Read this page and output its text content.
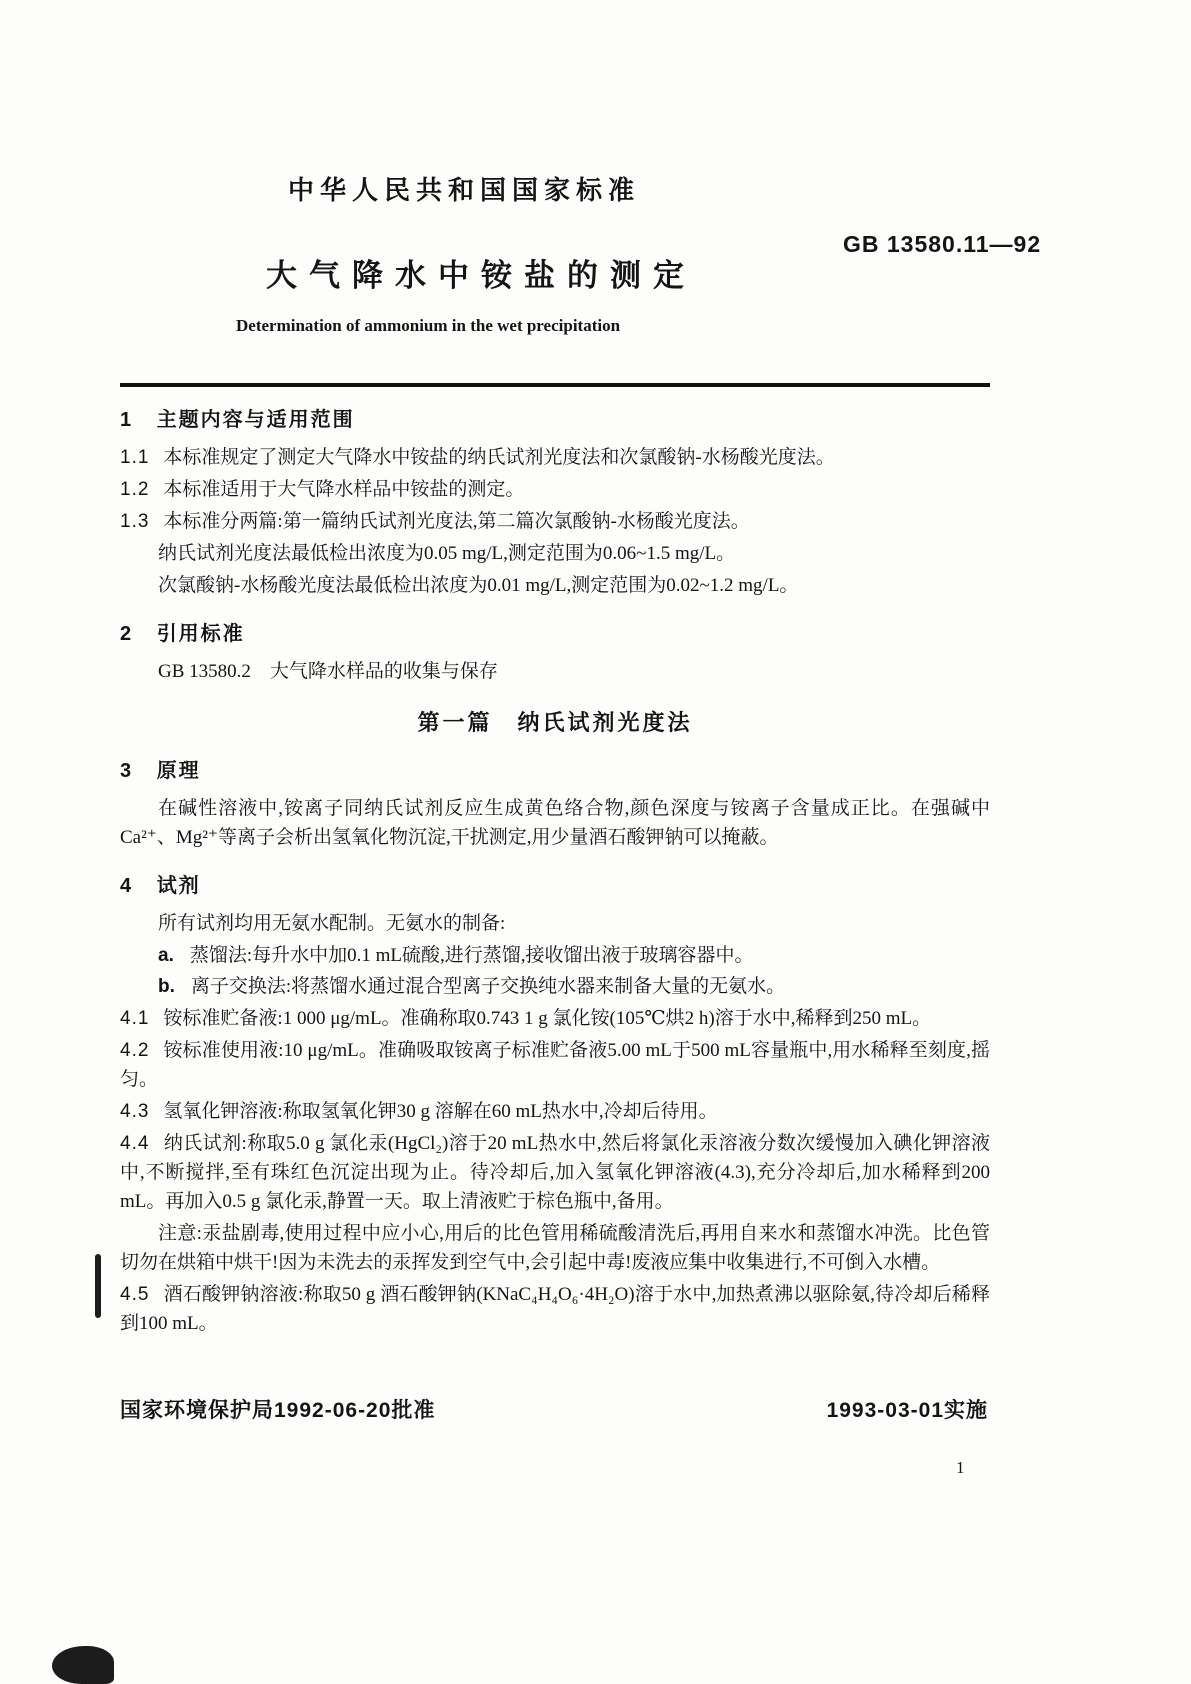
中华人民共和国国家标准
GB 13580.11—92
大气降水中铵盐的测定
Determination of ammonium in the wet precipitation
1 主题内容与适用范围

1.1 本标准规定了测定大气降水中铵盐的纳氏试剂光度法和次氯酸钠-水杨酸光度法。

1.2 本标准适用于大气降水样品中铵盐的测定。

1.3 本标准分两篇:第一篇纳氏试剂光度法,第二篇次氯酸钠-水杨酸光度法。

纳氏试剂光度法最低检出浓度为0.05 mg/L,测定范围为0.06~1.5 mg/L。

次氯酸钠-水杨酸光度法最低检出浓度为0.01 mg/L,测定范围为0.02~1.2 mg/L。

2 引用标准

GB 13580.2　大气降水样品的收集与保存

第一篇　纳氏试剂光度法
3 原理

在碱性溶液中,铵离子同纳氏试剂反应生成黄色络合物,颜色深度与铵离子含量成正比。在强碱中Ca²⁺、Mg²⁺等离子会析出氢氧化物沉淀,干扰测定,用少量酒石酸钾钠可以掩蔽。

4 试剂

所有试剂均用无氨水配制。无氨水的制备:

a. 蒸馏法:每升水中加0.1 mL硫酸,进行蒸馏,接收馏出液于玻璃容器中。

b. 离子交换法:将蒸馏水通过混合型离子交换纯水器来制备大量的无氨水。

4.1 铵标准贮备液:1 000 μg/mL。准确称取0.743 1 g 氯化铵(105℃烘2 h)溶于水中,稀释到250 mL。

4.2 铵标准使用液:10 μg/mL。准确吸取铵离子标准贮备液5.00 mL于500 mL容量瓶中,用水稀释至刻度,摇匀。

4.3 氢氧化钾溶液:称取氢氧化钾30 g 溶解在60 mL热水中,冷却后待用。

4.4 纳氏试剂:称取5.0 g 氯化汞(HgCl₂)溶于20 mL热水中,然后将氯化汞溶液分数次缓慢加入碘化钾溶液中,不断搅拌,至有珠红色沉淀出现为止。待冷却后,加入氢氧化钾溶液(4.3),充分冷却后,加水稀释到200 mL。再加入0.5 g 氯化汞,静置一天。取上清液贮于棕色瓶中,备用。

注意:汞盐剧毒,使用过程中应小心,用后的比色管用稀硫酸清洗后,再用自来水和蒸馏水冲洗。比色管切勿在烘箱中烘干!因为未洗去的汞挥发到空气中,会引起中毒!废液应集中收集进行,不可倒入水槽。

4.5 酒石酸钾钠溶液:称取50 g 酒石酸钾钠(KNaC₄H₄O₆·4H₂O)溶于水中,加热煮沸以驱除氨,待冷却后稀释到100 mL。

国家环境保护局1992-06-20批准	1993-03-01实施
1
